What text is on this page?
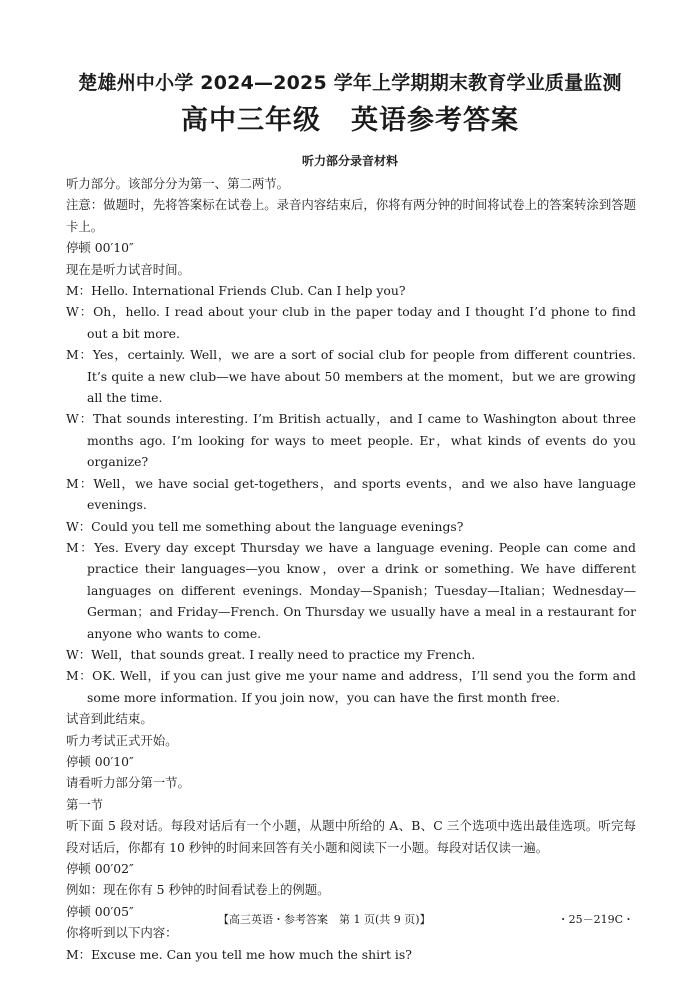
楚雄州中小学 2024—2025 学年上学期期末教育学业质量监测
高中三年级 英语参考答案
听力部分录音材料

听力部分。该部分分为第一、第二两节。

注意：做题时，先将答案标在试卷上。录音内容结束后，你将有两分钟的时间将试卷上的答案转涂到答题卡上。

停顿 00′10″

现在是听力试音时间。

M：Hello. International Friends Club. Can I help you?

W：Oh，hello. I read about your club in the paper today and I thought I’d phone to find out a bit more.

M：Yes，certainly. Well，we are a sort of social club for people from different countries. It’s quite a new club—we have about 50 members at the moment，but we are growing all the time.

W：That sounds interesting. I’m British actually，and I came to Washington about three months ago. I’m looking for ways to meet people. Er，what kinds of events do you organize?

M：Well，we have social get-togethers，and sports events，and we also have language evenings.

W：Could you tell me something about the language evenings?

M：Yes. Every day except Thursday we have a language evening. People can come and practice their languages—you know，over a drink or something. We have different languages on different evenings. Monday—Spanish；Tuesday—Italian；Wednesday—German；and Friday—French. On Thursday we usually have a meal in a restaurant for anyone who wants to come.

W：Well，that sounds great. I really need to practice my French.

M：OK. Well，if you can just give me your name and address，I’ll send you the form and some more information. If you join now，you can have the first month free.

试音到此结束。

听力考试正式开始。

停顿 00′10″

请看听力部分第一节。

第一节

听下面 5 段对话。每段对话后有一个小题，从题中所给的 A、B、C 三个选项中选出最佳选项。听完每段对话后，你都有 10 秒钟的时间来回答有关小题和阅读下一小题。每段对话仅读一遍。

停顿 00′02″

例如：现在你有 5 秒钟的时间看试卷上的例题。

停顿 00′05″

你将听到以下内容：

M：Excuse me. Can you tell me how much the shirt is?

【高三英语・参考答案　第 1 页(共 9 页)】	・25－219C・
